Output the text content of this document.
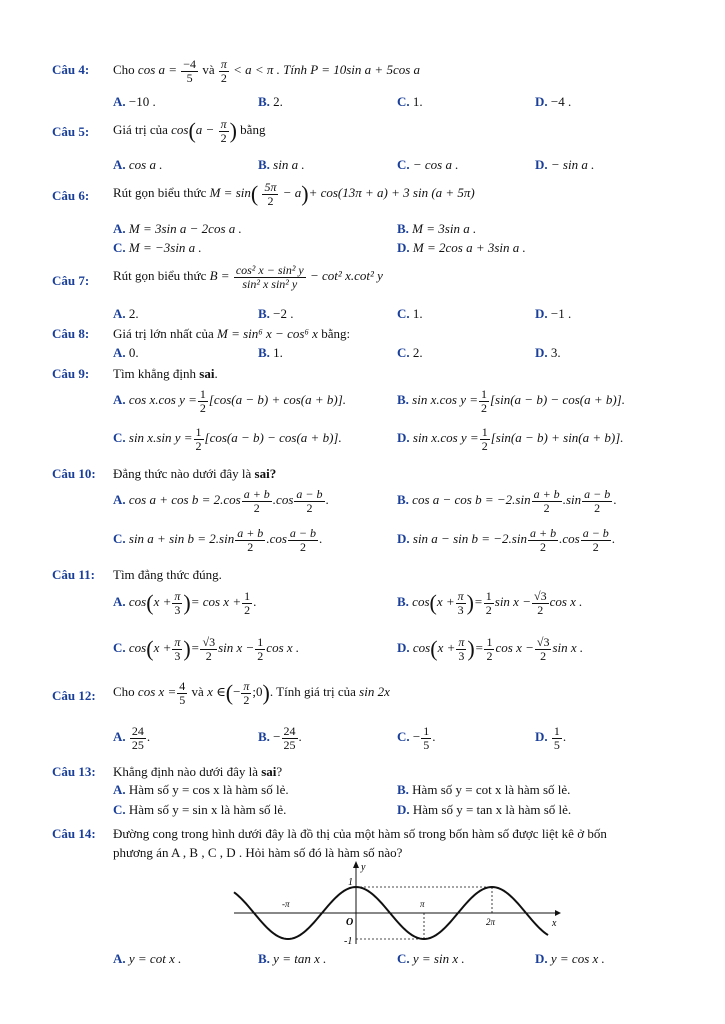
Câu 4: Cho $\cos a = \frac{-4}{5}$ và $\frac{\pi}{2} < a < \pi$ . Tính P = 10sin a + 5cos a
A. −10 .	B. 2.	C. 1.	D. −4 .
Câu 5: Giá trị của $\cos(a - \frac{\pi}{2}$ ) bằng
A. cos a .	B. sin a .	C. − cos a .	D. − sin a .
Câu 6: Rút gọn biểu thức $M = \sin( \frac{5\pi}{2} - a)+ \cos(13\pi + a) + 3$ sin (a + 5π)
A. M = 3sin a − 2cos a .	B. M = 3sin a .
C. M = −3sin a .	D. M = 2cos a + 3sin a .
Câu 7: Rút gọn biểu thức $B = \frac{\text{cos² x − sin² y}}{\text{sin² x sin² y}} - \cot^2$ x.cot² y
A. 2.	B. −2 .	C. 1.	D. −1 .
Câu 8: Giá trị lớn nhất của M = sin⁶ x − cos⁶ x bằng:
A. 0.	B. 1.	C. 2.	D. 3.
Câu 9: Tìm khẳng định sai.
A. cos x.cos $y = \frac{1}{2} [\cos(a - b) + \cos(a + b)]$.	B. sin x.cos $y = \frac{1}{2} [\sin(a - b) - \cos(a + b)]$.
C. sin x.sin $y = \frac{1}{2} [\cos(a - b) - \cos(a + b)]$.	D. sin x.cos $y = \frac{1}{2} [\sin(a - b) + \sin(a + b)]$.
Câu 10: Đẳng thức nào dưới đây là sai?
A. $\cos a + \cos b = 2.\cos \frac{a + b}{2} .\cos \frac{a - b}{2}$ .	B. $\cos a - \cos b = -2.\sin \frac{a + b}{2} .\sin \frac{a - b}{2}$ .
C. $\sin a + \sin b = 2.\sin \frac{a + b}{2} .\cos \frac{a - b}{2}$ .	D. $\sin a - \sin b = -2.\sin \frac{a + b}{2} .\cos \frac{a - b}{2}$ .
Câu 11: Tìm đẳng thức đúng.
A. $\cos(x + \frac{\pi}{3}$ )= $\cos x + \frac{1}{2}$ .	B. $\cos(x + \frac{\pi}{3}$ )= $\frac{1}{2}$ $\sin x - \frac{√3}{2}$ cos x .
C. $\cos(x + \frac{\pi}{3}$ )= $\frac{√3}{2}$ $\sin x - \frac{1}{2}$ cos x .	D. $\cos(x + \frac{\pi}{3}$ )= $\frac{1}{2}$ $\cos x - \frac{√3}{2}$ sin x .
Câu 12: Cho $\cos x = \frac{4}{5}$ và x ∈(− $\frac{\pi}{2}$ ;0). Tính giá trị của sin 2x
A. $\frac{24}{25}$ .	B. − $\frac{24}{25}$ .	C. − $\frac{1}{5}$ .	D. $\frac{1}{5}$ .
Câu 13: Khẳng định nào dưới đây là sai?
A. Hàm số y = cos x là hàm số lẻ.	B. Hàm số y = cot x là hàm số lẻ.
C. Hàm số y = sin x là hàm số lẻ.	D. Hàm số y = tan x là hàm số lẻ.
Câu 14: Đường cong trong hình dưới đây là đồ thị của một hàm số trong bốn hàm số được liệt kê ở bốn
phương án A , B , C , D . Hỏi hàm số đó là hàm số nào?
1
-1
O
-π	π
2π
y
x
A. y = cot x .	B. y = tan x .	C. y = sin x .	D. y = cos x .
